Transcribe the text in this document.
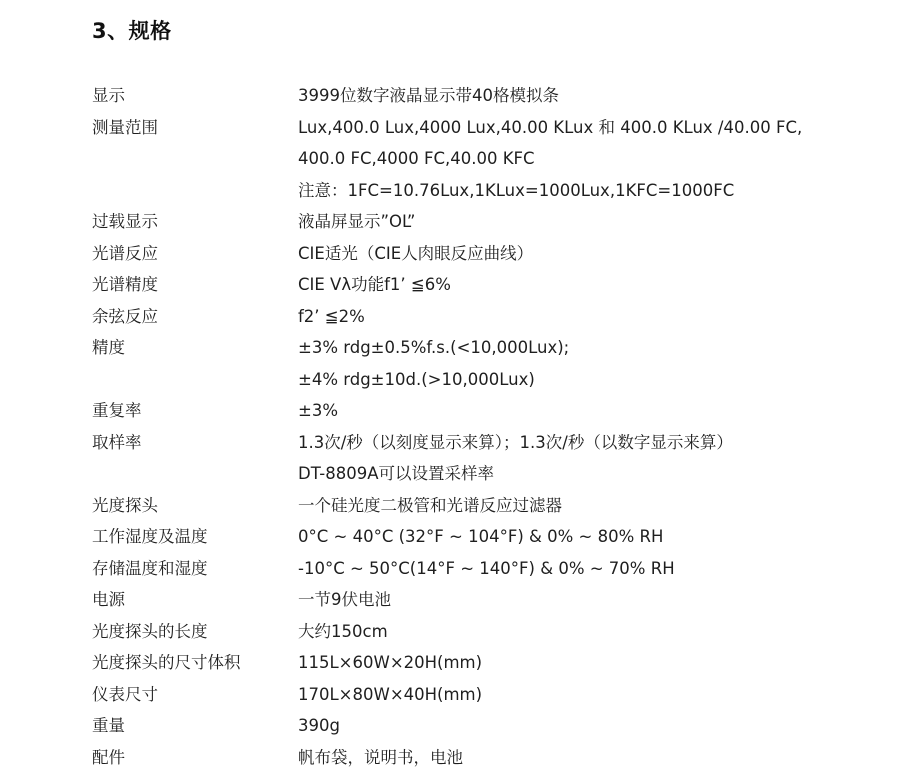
3、规格
显示	3999位数字液晶显示带40格模拟条
测量范围	Lux,400.0 Lux,4000 Lux,40.00 KLux 和 400.0 KLux /40.00 FC,
400.0 FC,4000 FC,40.00 KFC
注意：1FC=10.76Lux,1KLux=1000Lux,1KFC=1000FC
过载显示	液晶屏显示”OL”
光谱反应	CIE适光（CIE人肉眼反应曲线）
光谱精度	CIE Vλ功能f1’ ≦6%
余弦反应	f2’ ≦2%
精度	±3% rdg±0.5%f.s.(<10,000Lux);
±4% rdg±10d.(>10,000Lux)
重复率	±3%
取样率	1.3次/秒（以刻度显示来算）；1.3次/秒（以数字显示来算）
DT-8809A可以设置采样率
光度探头	一个硅光度二极管和光谱反应过滤器
工作湿度及温度	0°C ~ 40°C (32°F ~ 104°F) & 0% ~ 80% RH
存储温度和湿度	-10°C ~ 50°C(14°F ~ 140°F) & 0% ~ 70% RH
电源	一节9伏电池
光度探头的长度	大约150cm
光度探头的尺寸体积	115L×60W×20H(mm)
仪表尺寸	170L×80W×40H(mm)
重量	390g
配件	帆布袋，说明书，电池
